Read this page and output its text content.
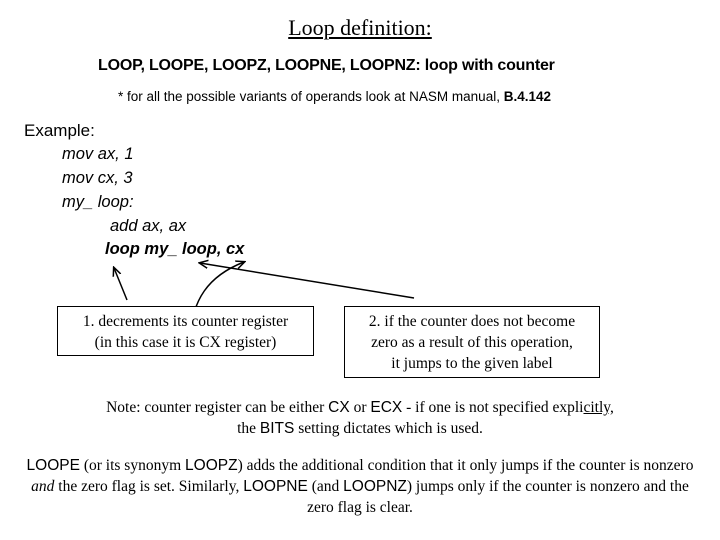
Loop definition:
LOOP, LOOPE, LOOPZ, LOOPNE, LOOPNZ: loop with counter
* for all the possible variants of operands look at NASM manual, B.4.142
Example:
mov ax, 1
mov cx, 3
my_ loop:
add ax, ax
loop my_ loop, cx
1. decrements its counter register
(in this case it is CX register)
2. if the counter does not become
zero as a result of this operation,
it jumps to the given label
Note: counter register can be either CX or ECX - if one is not specified explicitly,
the BITS setting dictates which is used.
LOOPE (or its synonym LOOPZ) adds the additional condition that it only jumps if the counter is nonzero and the zero flag is set. Similarly, LOOPNE (and LOOPNZ) jumps only if the counter is nonzero and the zero flag is clear.
